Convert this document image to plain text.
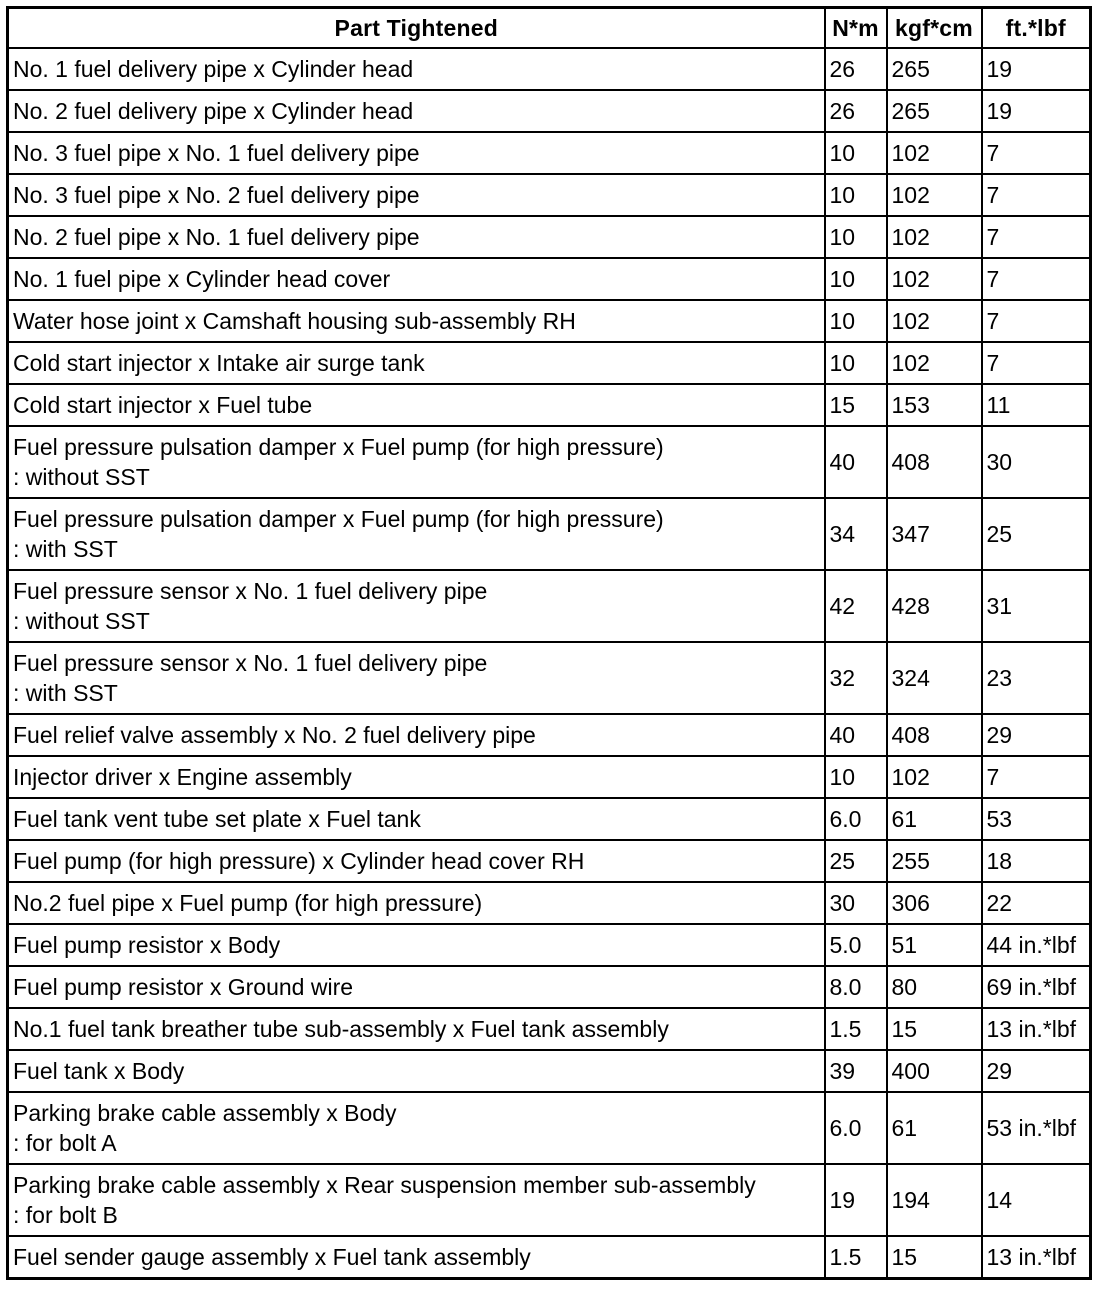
Part Tightened	N*m	kgf*cm	ft.*lbf

No. 1 fuel delivery pipe x Cylinder head	26	265	19

No. 2 fuel delivery pipe x Cylinder head	26	265	19

No. 3 fuel pipe x No. 1 fuel delivery pipe	10	102	7

No. 3 fuel pipe x No. 2 fuel delivery pipe	10	102	7

No. 2 fuel pipe x No. 1 fuel delivery pipe	10	102	7

No. 1 fuel pipe x Cylinder head cover	10	102	7

Water hose joint x Camshaft housing sub-assembly RH	10	102	7

Cold start injector x Intake air surge tank	10	102	7

Cold start injector x Fuel tube	15	153	11

Fuel pressure pulsation damper x Fuel pump (for high pressure)
: without SST	40	408	30

Fuel pressure pulsation damper x Fuel pump (for high pressure)
: with SST	34	347	25

Fuel pressure sensor x No. 1 fuel delivery pipe
: without SST	42	428	31

Fuel pressure sensor x No. 1 fuel delivery pipe
: with SST	32	324	23

Fuel relief valve assembly x No. 2 fuel delivery pipe	40	408	29

Injector driver x Engine assembly	10	102	7

Fuel tank vent tube set plate x Fuel tank	6.0	61	53

Fuel pump (for high pressure) x Cylinder head cover RH	25	255	18

No.2 fuel pipe x Fuel pump (for high pressure)	30	306	22

Fuel pump resistor x Body	5.0	51	44 in.*lbf

Fuel pump resistor x Ground wire	8.0	80	69 in.*lbf

No.1 fuel tank breather tube sub-assembly x Fuel tank assembly	1.5	15	13 in.*lbf

Fuel tank x Body	39	400	29

Parking brake cable assembly x Body
: for bolt A	6.0	61	53 in.*lbf

Parking brake cable assembly x Rear suspension member sub-assembly
: for bolt B	19	194	14

Fuel sender gauge assembly x Fuel tank assembly	1.5	15	13 in.*lbf
